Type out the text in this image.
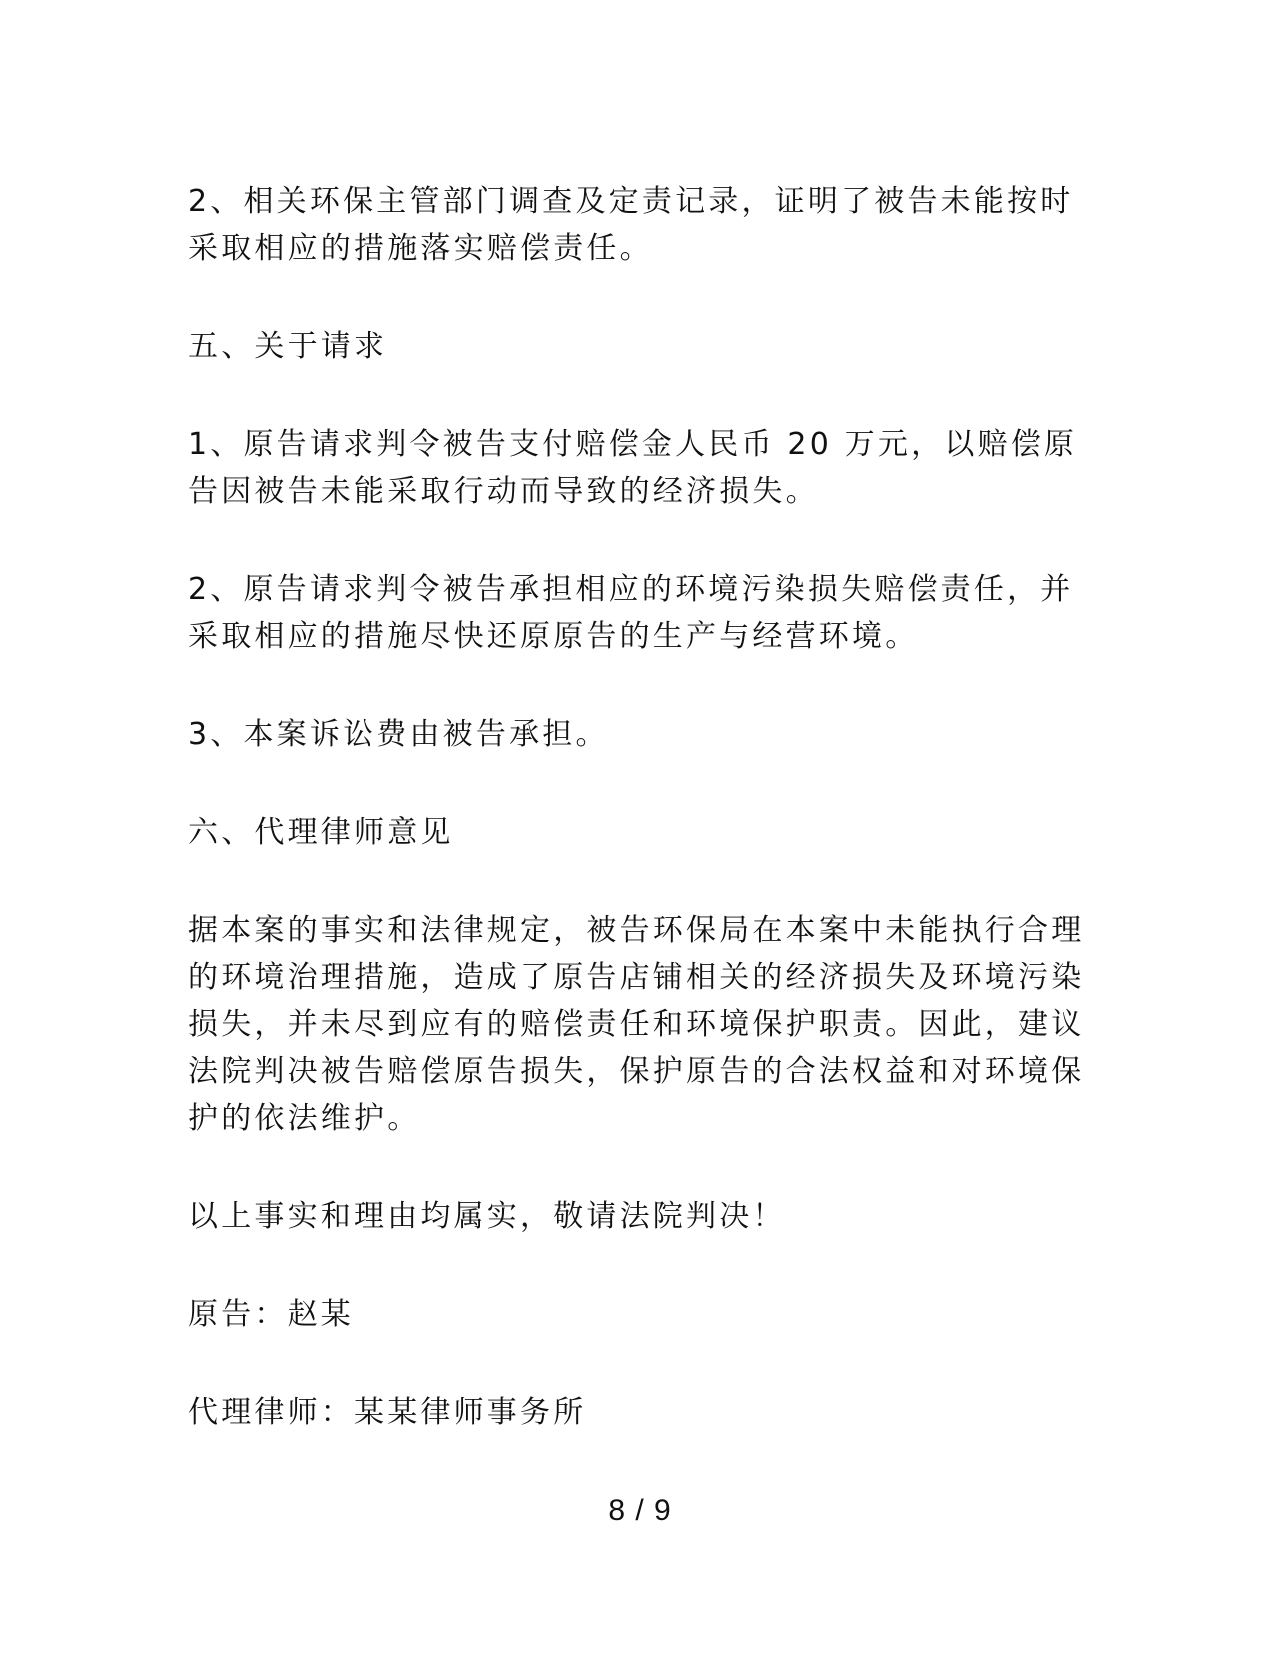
2、相关环保主管部门调查及定责记录，证明了被告未能按时采取相应的措施落实赔偿责任。

五、关于请求

1、原告请求判令被告支付赔偿金人民币 20 万元，以赔偿原告因被告未能采取行动而导致的经济损失。

2、原告请求判令被告承担相应的环境污染损失赔偿责任，并采取相应的措施尽快还原原告的生产与经营环境。

3、本案诉讼费由被告承担。

六、代理律师意见

据本案的事实和法律规定，被告环保局在本案中未能执行合理的环境治理措施，造成了原告店铺相关的经济损失及环境污染损失，并未尽到应有的赔偿责任和环境保护职责。因此，建议法院判决被告赔偿原告损失，保护原告的合法权益和对环境保护的依法维护。

以上事实和理由均属实，敬请法院判决！

原告：赵某

代理律师：某某律师事务所

8 / 9
